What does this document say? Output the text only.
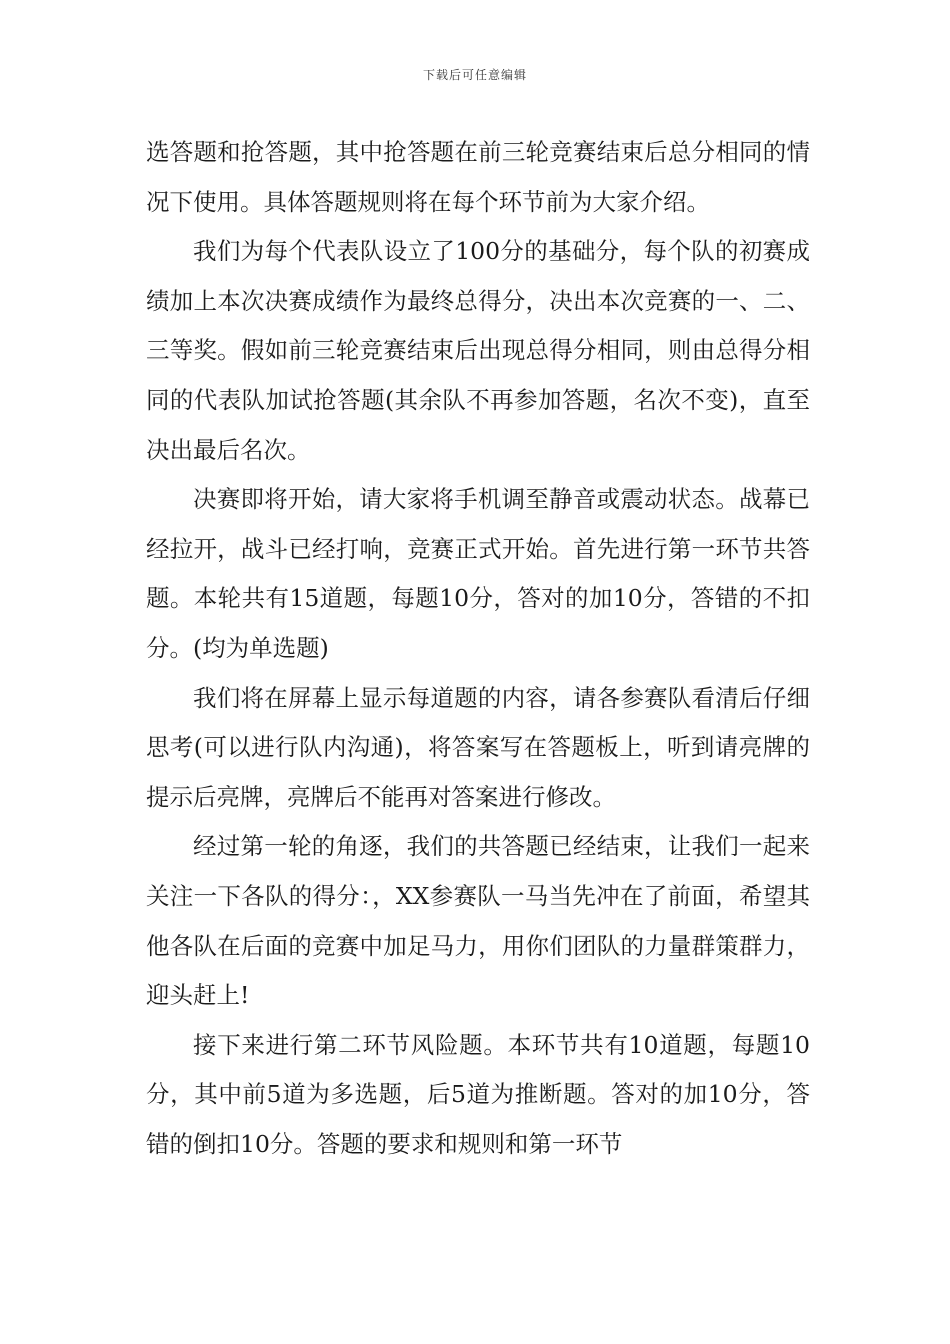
下载后可任意编辑

选答题和抢答题，其中抢答题在前三轮竞赛结束后总分相同的情况下使用。具体答题规则将在每个环节前为大家介绍。

我们为每个代表队设立了100分的基础分，每个队的初赛成绩加上本次决赛成绩作为最终总得分，决出本次竞赛的一、二、三等奖。假如前三轮竞赛结束后出现总得分相同，则由总得分相同的代表队加试抢答题(其余队不再参加答题，名次不变)，直至决出最后名次。

决赛即将开始，请大家将手机调至静音或震动状态。战幕已经拉开，战斗已经打响，竞赛正式开始。首先进行第一环节共答题。本轮共有15道题，每题10分，答对的加10分，答错的不扣分。(均为单选题)

我们将在屏幕上显示每道题的内容，请各参赛队看清后仔细思考(可以进行队内沟通)，将答案写在答题板上，听到请亮牌的提示后亮牌，亮牌后不能再对答案进行修改。

经过第一轮的角逐，我们的共答题已经结束，让我们一起来关注一下各队的得分：，XX参赛队一马当先冲在了前面，希望其他各队在后面的竞赛中加足马力，用你们团队的力量群策群力，迎头赶上!

接下来进行第二环节风险题。本环节共有10道题，每题10分，其中前5道为多选题，后5道为推断题。答对的加10分，答错的倒扣10分。答题的要求和规则和第一环节
